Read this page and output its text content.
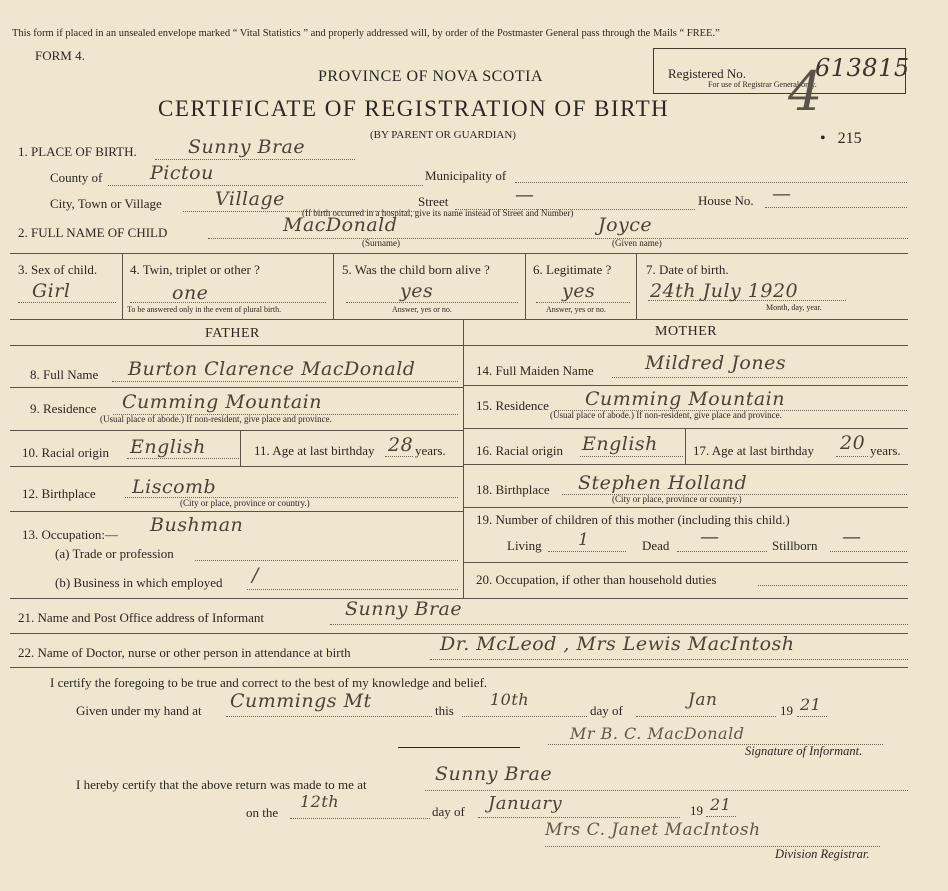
This form if placed in an unsealed envelope marked “ Vital Statistics ” and properly addressed will, by order of the Postmaster General pass through the Mails “ FREE.”
FORM 4.
PROVINCE OF NOVA SCOTIA
CERTIFICATE OF REGISTRATION OF BIRTH
(BY PARENT OR GUARDIAN)
Registered No.	613815
For use of Registrar General only.
4
•   215
1. PLACE OF BIRTH.	Sunny Brae
County of	Pictou	Municipality of
City, Town or Village	Village	Street	—	House No. —
(If birth occurred in a hospital, give its name instead of Street and Number)
2. FULL NAME OF CHILD	MacDonald
(Surname)
Joyce
(Given name)
3. Sex of child.
Girl
4. Twin, triplet or other ?
one
To be answered only in the event of plural birth.
5. Was the child born alive ?
yes
Answer, yes or no.
6. Legitimate ?
yes
Answer, yes or no.
7. Date of birth.
24th July 1920
Month, day, year.
FATHER	MOTHER
8. Full Name Burton Clarence MacDonald
9. Residence Cumming Mountain
(Usual place of abode.) If non-resident, give place and province.
10. Racial origin English	11. Age at last birthday 28 years.
12. Birthplace Liscomb
(City or place, province or country.)
13. Occupation:— Bushman
(a) Trade or profession
(b) Business in which employed /
14. Full Maiden Name	Mildred Jones
15. Residence Cumming Mountain
(Usual place of abode.) If non-resident, give place and province.
16. Racial origin English	17. Age at last birthday 20 years.
18. Birthplace Stephen Holland
(City or place, province or country.)
19. Number of children of this mother (including this child.)
Living 1	Dead —	Stillborn —
20. Occupation, if other than household duties
21. Name and Post Office address of Informant	Sunny Brae
22. Name of Doctor, nurse or other person in attendance at birth	Dr. McLeod , Mrs Lewis MacIntosh
I certify the foregoing to be true and correct to the best of my knowledge and belief.
Given under my hand at Cummings Mt	this
10th
day of
Jan
19 21
Mr B. C. MacDonald
Signature of Informant.
I hereby certify that the above return was made to me at	Sunny Brae
on the
12th
day of January	19 21
Mrs C. Janet MacIntosh
Division Registrar.
